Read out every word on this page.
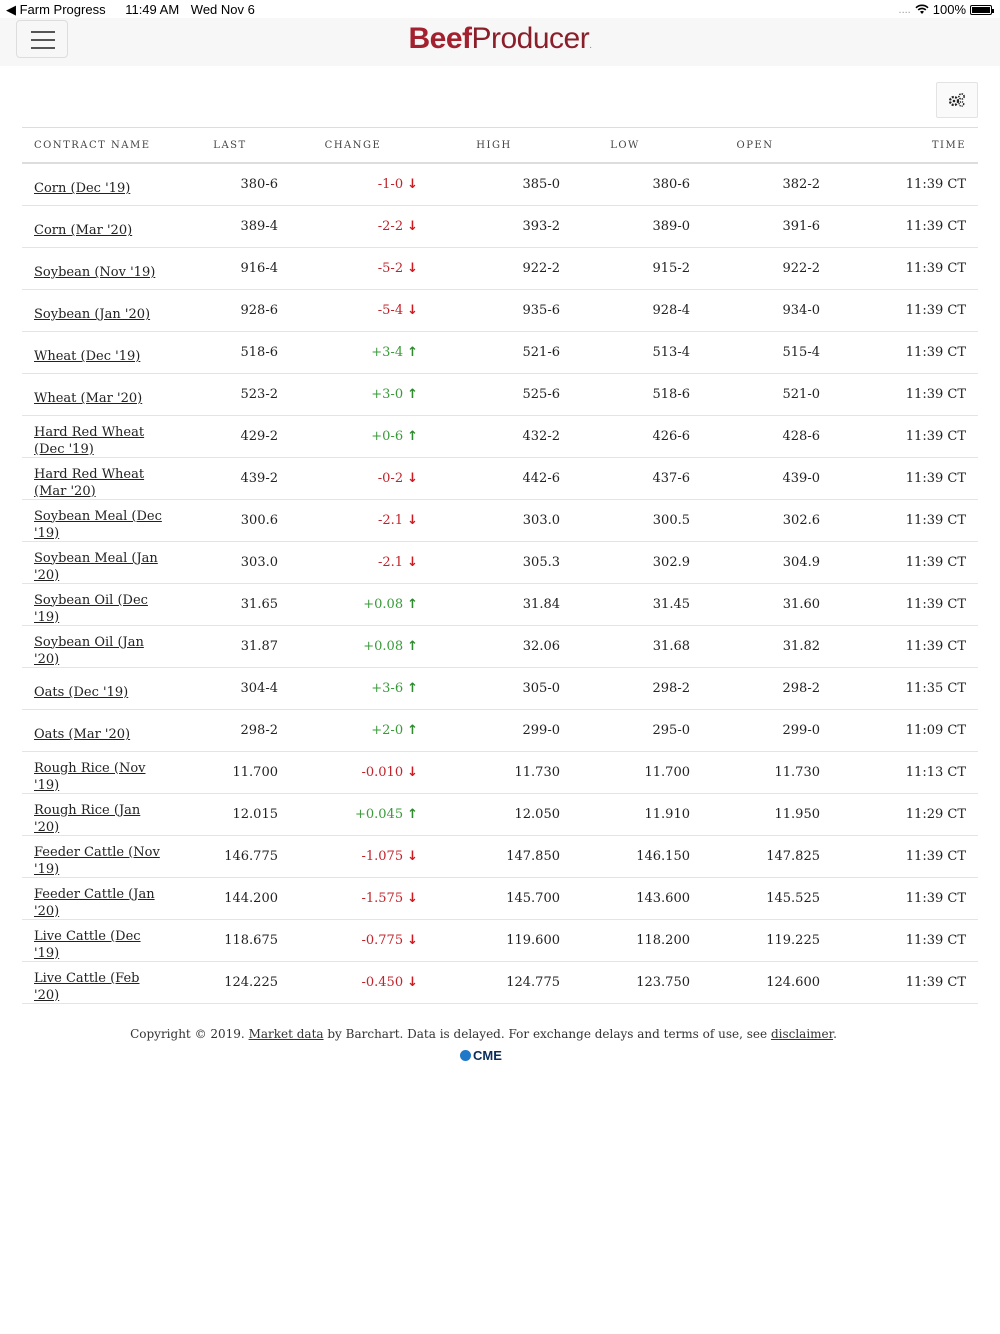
◀ Farm Progress 11:49 AM Wed Nov 6	.... 100%
BeefProducer.
CONTRACT NAME	LAST	CHANGE	HIGH	LOW	OPEN	TIME
Corn (Dec '19)	380-6	-1-0 ↓	385-0	380-6	382-2	11:39 CT
Corn (Mar '20)	389-4	-2-2 ↓	393-2	389-0	391-6	11:39 CT
Soybean (Nov '19)	916-4	-5-2 ↓	922-2	915-2	922-2	11:39 CT
Soybean (Jan '20)	928-6	-5-4 ↓	935-6	928-4	934-0	11:39 CT
Wheat (Dec '19)	518-6	+3-4 ↑	521-6	513-4	515-4	11:39 CT
Wheat (Mar '20)	523-2	+3-0 ↑	525-6	518-6	521-0	11:39 CT
Hard Red Wheat (Dec '19)	429-2	+0-6 ↑	432-2	426-6	428-6	11:39 CT
Hard Red Wheat (Mar '20)	439-2	-0-2 ↓	442-6	437-6	439-0	11:39 CT
Soybean Meal (Dec '19)	300.6	-2.1 ↓	303.0	300.5	302.6	11:39 CT
Soybean Meal (Jan '20)	303.0	-2.1 ↓	305.3	302.9	304.9	11:39 CT
Soybean Oil (Dec '19)	31.65	+0.08 ↑	31.84	31.45	31.60	11:39 CT
Soybean Oil (Jan '20)	31.87	+0.08 ↑	32.06	31.68	31.82	11:39 CT
Oats (Dec '19)	304-4	+3-6 ↑	305-0	298-2	298-2	11:35 CT
Oats (Mar '20)	298-2	+2-0 ↑	299-0	295-0	299-0	11:09 CT
Rough Rice (Nov '19)	11.700	-0.010 ↓	11.730	11.700	11.730	11:13 CT
Rough Rice (Jan '20)	12.015	+0.045 ↑	12.050	11.910	11.950	11:29 CT
Feeder Cattle (Nov '19)	146.775	-1.075 ↓	147.850	146.150	147.825	11:39 CT
Feeder Cattle (Jan '20)	144.200	-1.575 ↓	145.700	143.600	145.525	11:39 CT
Live Cattle (Dec '19)	118.675	-0.775 ↓	119.600	118.200	119.225	11:39 CT
Live Cattle (Feb '20)	124.225	-0.450 ↓	124.775	123.750	124.600	11:39 CT
Copyright © 2019. Market data by Barchart. Data is delayed. For exchange delays and terms of use, see disclaimer.
CME
